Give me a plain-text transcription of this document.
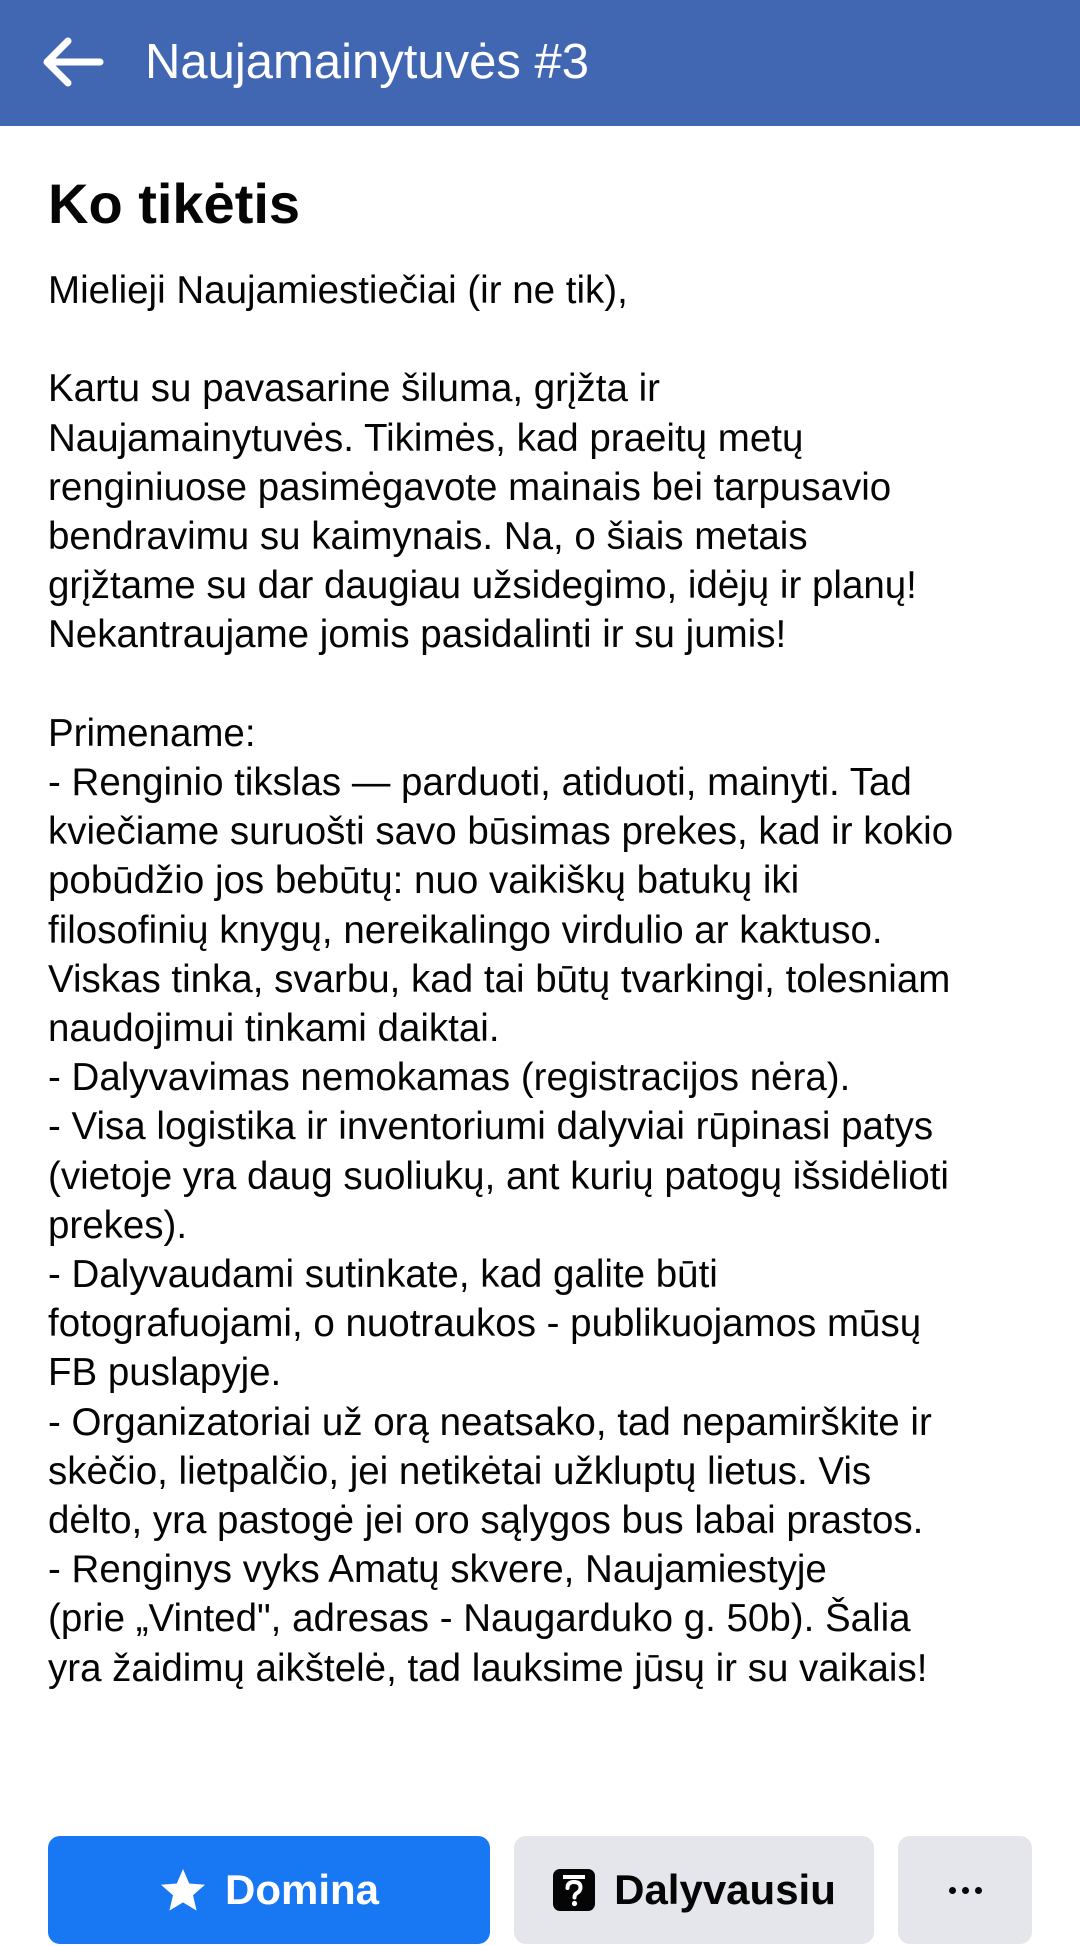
Naujamainytuvės #3
Ko tikėtis
Mielieji Naujamiestiečiai (ir ne tik),
Kartu su pavasarine šiluma, grįžta ir
Naujamainytuvės. Tikimės, kad praeitų metų
renginiuose pasimėgavote mainais bei tarpusavio
bendravimu su kaimynais. Na, o šiais metais
grįžtame su dar daugiau užsidegimo, idėjų ir planų!
Nekantraujame jomis pasidalinti ir su jumis!
Primename:
- Renginio tikslas — parduoti, atiduoti, mainyti. Tad
kviečiame suruošti savo būsimas prekes, kad ir kokio
pobūdžio jos bebūtų: nuo vaikiškų batukų iki
filosofinių knygų, nereikalingo virdulio ar kaktuso.
Viskas tinka, svarbu, kad tai būtų tvarkingi, tolesniam
naudojimui tinkami daiktai.
- Dalyvavimas nemokamas (registracijos nėra).
- Visa logistika ir inventoriumi dalyviai rūpinasi patys
(vietoje yra daug suoliukų, ant kurių patogų išsidėlioti
prekes).
- Dalyvaudami sutinkate, kad galite būti
fotografuojami, o nuotraukos - publikuojamos mūsų
FB puslapyje.
- Organizatoriai už orą neatsako, tad nepamirškite ir
skėčio, lietpalčio, jei netikėtai užkluptų lietus. Vis
dėlto, yra pastogė jei oro sąlygos bus labai prastos.
- Renginys vyks Amatų skvere, Naujamiestyje
(prie „Vinted", adresas - Naugarduko g. 50b). Šalia
yra žaidimų aikštelė, tad lauksime jūsų ir su vaikais!
Domina	Dalyvausiu
